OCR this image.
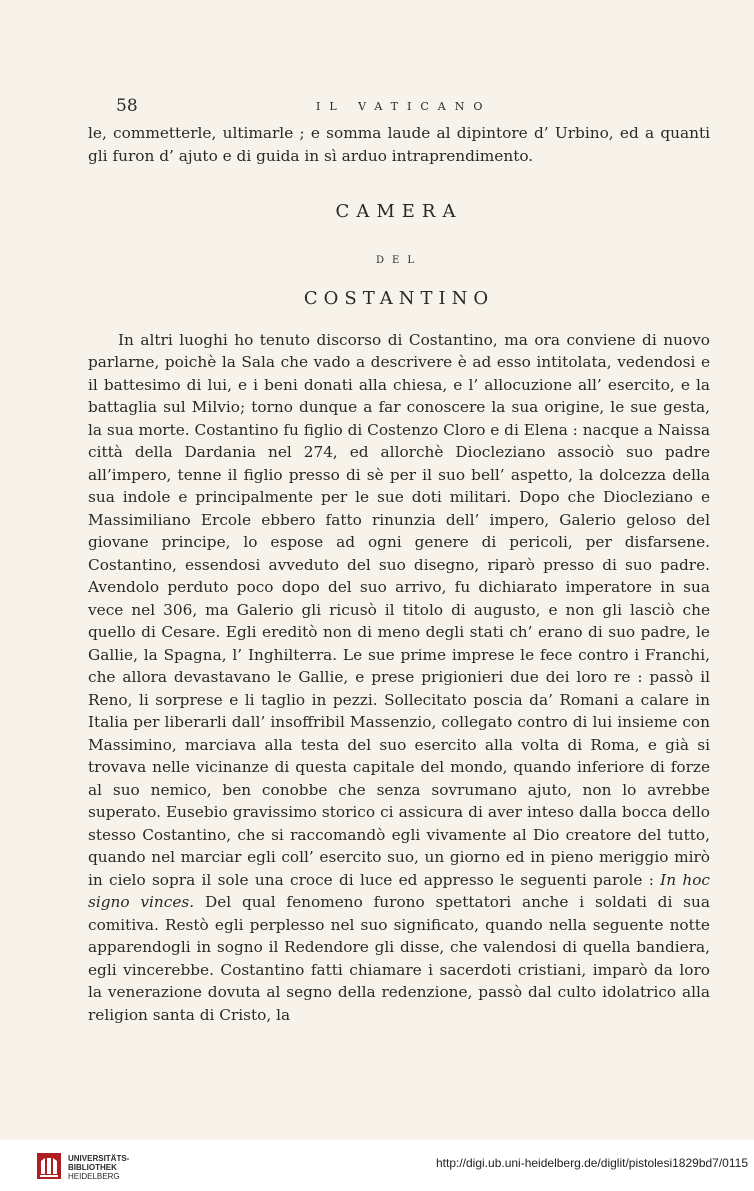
58	IL VATICANO

le, commetterle, ultimarle ; e somma laude al dipintore d’ Urbino, ed a quanti gli furon d’ ajuto e di guida in sì arduo intraprendimento.

CAMERA
DEL
COSTANTINO

In altri luoghi ho tenuto discorso di Costantino, ma ora conviene di nuovo parlarne, poichè la Sala che vado a descrivere è ad esso intitolata, vedendosi e il battesimo di lui, e i beni donati alla chiesa, e l’ allocuzione all’ esercito, e la battaglia sul Milvio; torno dunque a far conoscere la sua origine, le sue gesta, la sua morte. Costantino fu figlio di Costenzo Cloro e di Elena : nacque a Naissa città della Dardania nel 274, ed allorchè Diocleziano associò suo padre all’impero, tenne il figlio presso di sè per il suo bell’ aspetto, la dolcezza della sua indole e principalmente per le sue doti militari. Dopo che Diocleziano e Massimiliano Ercole ebbero fatto rinunzia dell’ impero, Galerio geloso del giovane principe, lo espose ad ogni genere di pericoli, per disfarsene. Costantino, essendosi avveduto del suo disegno, riparò presso di suo padre. Avendolo perduto poco dopo del suo arrivo, fu dichiarato imperatore in sua vece nel 306, ma Galerio gli ricusò il titolo di augusto, e non gli lasciò che quello di Cesare. Egli ereditò non di meno degli stati ch’ erano di suo padre, le Gallie, la Spagna, l’ Inghilterra. Le sue prime imprese le fece contro i Franchi, che allora devastavano le Gallie, e prese prigionieri due dei loro re : passò il Reno, li sorprese e li taglio in pezzi. Sollecitato poscia da’ Romani a calare in Italia per liberarli dall’ insoffribil Massenzio, collegato contro di lui insieme con Massimino, marciava alla testa del suo esercito alla volta di Roma, e già si trovava nelle vicinanze di questa capitale del mondo, quando inferiore di forze al suo nemico, ben conobbe che senza sovrumano ajuto, non lo avrebbe superato. Eusebio gravissimo storico ci assicura di aver inteso dalla bocca dello stesso Costantino, che si raccomandò egli vivamente al Dio creatore del tutto, quando nel marciar egli coll’ esercito suo, un giorno ed in pieno meriggio mirò in cielo sopra il sole una croce di luce ed appresso le seguenti parole : In hoc signo vinces. Del qual fenomeno furono spettatori anche i soldati di sua comitiva. Restò egli perplesso nel suo significato, quando nella seguente notte apparendogli in sogno il Redendore gli disse, che valendosi di quella bandiera, egli vincerebbe. Costantino fatti chiamare i sacerdoti cristiani, imparò da loro la venerazione dovuta al segno della redenzione, passò dal culto idolatrico alla religion santa di Cristo, la

UNIVERSITÄTS-
BIBLIOTHEK
HEIDELBERG
http://digi.ub.uni-heidelberg.de/diglit/pistolesi1829bd7/0115
